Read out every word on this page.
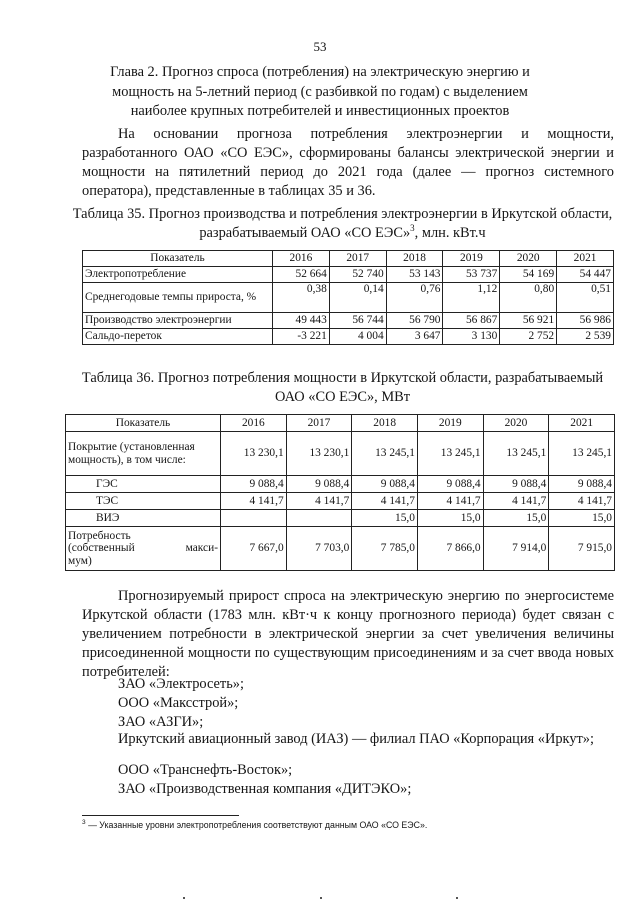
53
Глава 2. Прогноз спроса (потребления) на электрическую энергию и мощность на 5-летний период (с разбивкой по годам) с выделением наиболее крупных потребителей и инвестиционных проектов
На основании прогноза потребления электроэнергии и мощности, разработанного ОАО «СО ЕЭС», сформированы балансы электрической энергии и мощности на пятилетний период до 2021 года (далее — прогноз системного оператора), представленные в таблицах 35 и 36.
Таблица 35. Прогноз производства и потребления электроэнергии в Иркутской области, разрабатываемый ОАО «СО ЕЭС»$^3$, млн. кВт.ч
Показатель	2016	2017	2018	2019	2020	2021
Электропотребление	52 664	52 740	53 143	53 737	54 169	54 447
Среднегодовые темпы прироста, %	0,38	0,14	0,76	1,12	0,80	0,51
Производство электроэнергии	49 443	56 744	56 790	56 867	56 921	56 986
Сальдо-переток	-3 221	4 004	3 647	3 130	2 752	2 539
Таблица 36. Прогноз потребления мощности в Иркутской области, разрабатываемый ОАО «СО ЕЭС», МВт
Показатель	2016	2017	2018	2019	2020	2021
Покрытие (установленная мощность), в том числе:	13 230,1	13 230,1	13 245,1	13 245,1	13 245,1	13 245,1
ГЭС	9 088,4	9 088,4	9 088,4	9 088,4	9 088,4	9 088,4
ТЭС	4 141,7	4 141,7	4 141,7	4 141,7	4 141,7	4 141,7
ВИЭ			15,0	15,0	15,0	15,0

Потребность
(собственный макси-
мум)	7 667,0	7 703,0	7 785,0	7 866,0	7 914,0	7 915,0
Прогнозируемый прирост спроса на электрическую энергию по энергосистеме Иркутской области (1783 млн. кВт·ч к концу прогнозного периода) будет связан с увеличением потребности в электрической энергии за счет увеличения величины присоединенной мощности по существующим присоединениям и за счет ввода новых потребителей:
ЗАО «Электросеть»;
ООО «Максстрой»;
ЗАО «АЗГИ»;
Иркутский авиационный завод (ИАЗ) — филиал ПАО «Корпорация «Иркут»;
ООО «Транснефть-Восток»;
ЗАО «Производственная компания «ДИТЭКО»;
$^3$ — Указанные уровни электропотребления соответствуют данным ОАО «СО ЕЭС».
